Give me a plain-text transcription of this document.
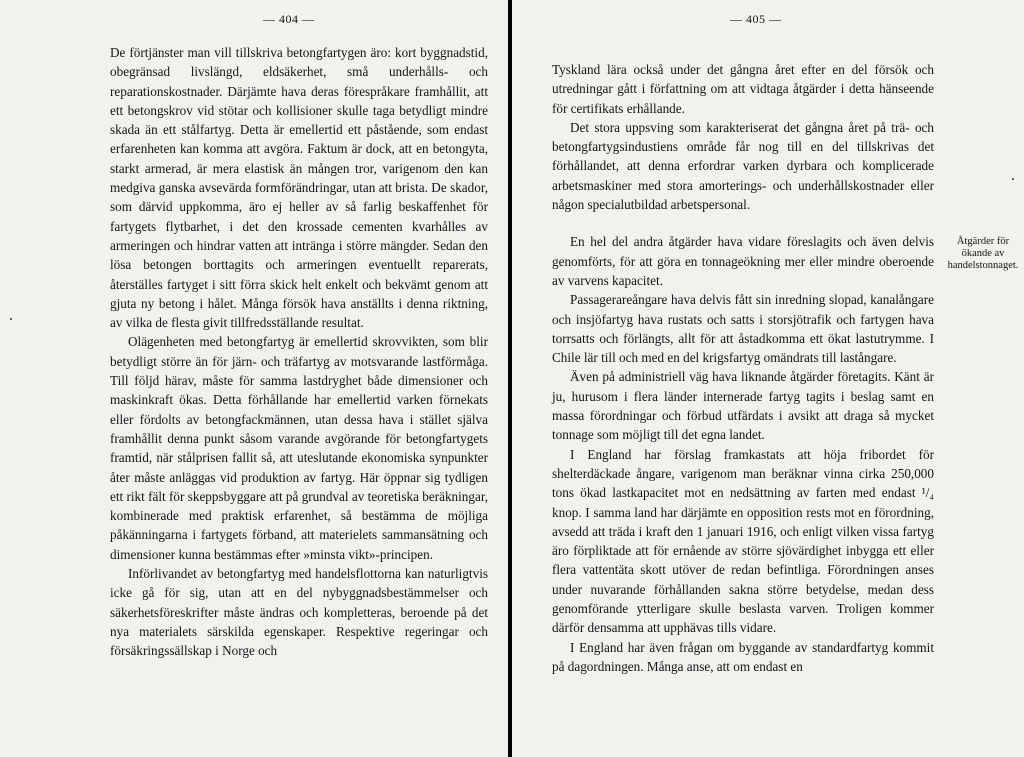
— 404 —

De förtjänster man vill tillskriva betongfartygen äro: kort byggnadstid, obegränsad livslängd, eldsäkerhet, små underhålls- och reparationskostnader. Därjämte hava deras förespråkare framhållit, att ett betongskrov vid stötar och kollisioner skulle taga betydligt mindre skada än ett stålfartyg. Detta är emellertid ett påstående, som endast erfarenheten kan komma att avgöra. Faktum är dock, att en betongyta, starkt armerad, är mera elastisk än mången tror, varigenom den kan medgiva ganska avsevärda formförändringar, utan att brista. De skador, som därvid uppkomma, äro ej heller av så farlig beskaffenhet för fartygets flytbarhet, i det den krossade cementen kvarhålles av armeringen och hindrar vatten att inträngа i större mängder. Sedan den lösa betongen borttagits och armeringen eventuellt reparerats, återställes fartyget i sitt förra skick helt enkelt och bekvämt genom att gjuta ny betong i hålet. Många försök hava anställts i denna riktning, av vilka de flesta givit tillfredsställande resultat.

Olägenheten med betongfartyg är emellertid skrovvikten, som blir betydligt större än för järn- och träfartyg av motsvarande lastförmåga. Till följd härav, måste för samma lastdryghet både dimensioner och maskinkraft ökas. Detta förhållande har emellertid varken förnekats eller fördolts av betongfackmännen, utan dessa hava i stället själva framhållit denna punkt såsom varande avgörande för betongfartygets framtid, när stålprisen fallit så, att uteslutande ekonomiska synpunkter åter måste anläggas vid produktion av fartyg. Här öppnar sig tydligen ett rikt fält för skeppsbyggare att på grundval av teoretiska beräkningar, kombinerade med praktisk erfarenhet, så bestämma de möjliga påkänningarna i fartygets förband, att materielets sammansätning och dimensioner kunna bestämmas efter »minsta vikt»-principen.

Införlivandet av betongfartyg med handelsflottorna kan naturligtvis icke gå för sig, utan att en del nybyggnadsbestämmelser och säkerhetsföreskrifter måste ändras och kompletteras, beroende på det nya materialets särskilda egenskaper. Respektive regeringar och försäkringssällskap i Norge och

— 405 —

Tyskland lära också under det gångna året efter en del försök och utredningar gått i författning om att vidtaga åtgärder i detta hänseende för certifikats erhållande.

Det stora uppsving som karakteriserat det gångna året på trä- och betongfartygsindustiens område får nog till en del tillskrivas det förhållandet, att denna erfordrar varken dyrbara och komplicerade arbetsmaskiner med stora amorterings- och underhållskostnader eller någon specialutbildad arbetspersonal.

En hel del andra åtgärder hava vidare föreslagits och även delvis genomförts, för att göra en tonnageökning mer eller mindre oberoende av varvens kapacitet.

Passagerareångare hava delvis fått sin inredning slopad, kanalångare och insjöfartyg hava rustats och satts i storsjötrafik och fartygen hava torrsatts och förlängts, allt för att åstadkomma ett ökat lastutrymme. I Chile lär till och med en del krigsfartyg omändrats till lastångare.

Även på administriell väg hava liknande åtgärder företagits. Känt är ju, hurusom i flera länder internerade fartyg tagits i beslag samt en massa förordningar och förbud utfärdats i avsikt att draga så mycket tonnage som möjligt till det egna landet.

I England har förslag framkastats att höja fribordet för shelterdäckade ångare, varigenom man beräknar vinna cirka 250,000 tons ökad lastkapacitet mot en nedsättning av farten med endast ¹/₄ knop. I samma land har därjämte en opposition rests mot en förordning, avsedd att träda i kraft den 1 januari 1916, och enligt vilken vissa fartyg äro förpliktade att för ernående av större sjövärdighet inbygga ett eller flera vattentäta skott utöver de redan befintliga. Förordningen anses under nuvarande förhållanden sakna större betydelse, medan dess genomförande ytterligare skulle beslasta varven. Troligen kommer därför densamma att upphävas tills vidare.

I England har även frågan om byggande av standardfartyg kommit på dagordningen. Många anse, att om endast en

Åtgärder för ökande av handelstonnaget.
